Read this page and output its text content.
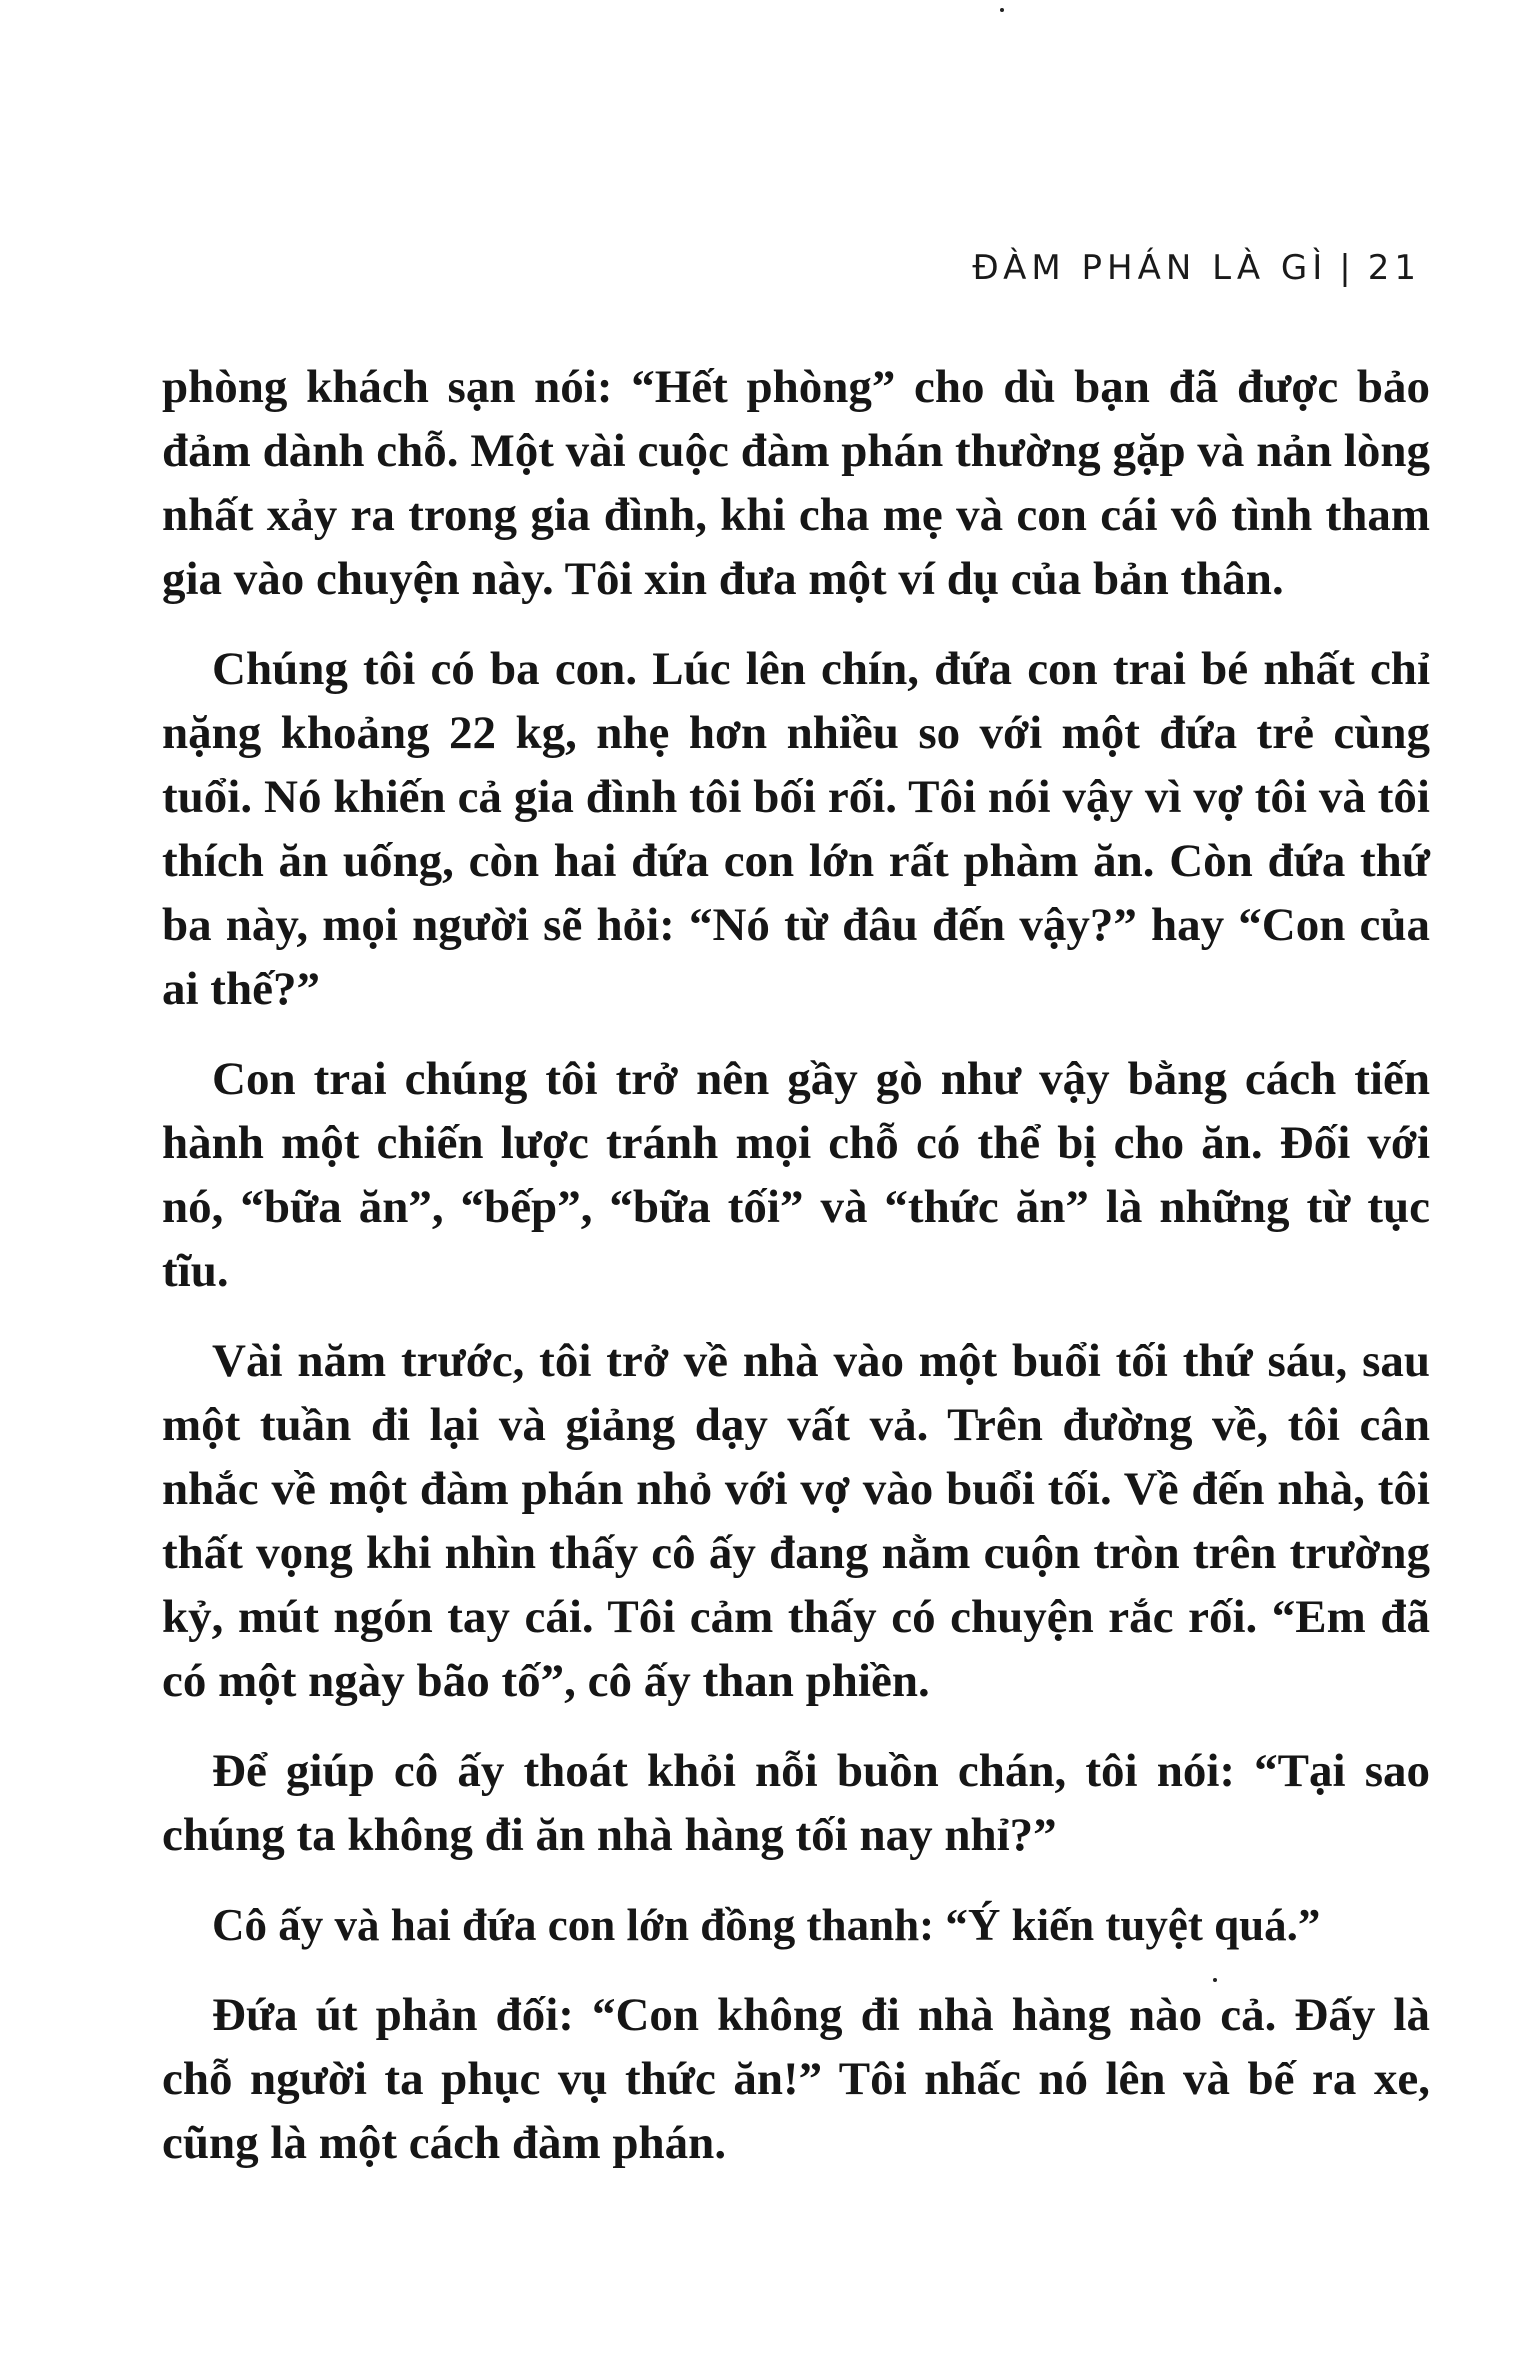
ĐÀM PHÁN LÀ GÌ | 21

phòng khách sạn nói: “Hết phòng” cho dù bạn đã được bảo đảm dành chỗ. Một vài cuộc đàm phán thường gặp và nản lòng nhất xảy ra trong gia đình, khi cha mẹ và con cái vô tình tham gia vào chuyện này. Tôi xin đưa một ví dụ của bản thân.

Chúng tôi có ba con. Lúc lên chín, đứa con trai bé nhất chỉ nặng khoảng 22 kg, nhẹ hơn nhiều so với một đứa trẻ cùng tuổi. Nó khiến cả gia đình tôi bối rối. Tôi nói vậy vì vợ tôi và tôi thích ăn uống, còn hai đứa con lớn rất phàm ăn. Còn đứa thứ ba này, mọi người sẽ hỏi: “Nó từ đâu đến vậy?” hay “Con của ai thế?”

Con trai chúng tôi trở nên gầy gò như vậy bằng cách tiến hành một chiến lược tránh mọi chỗ có thể bị cho ăn. Đối với nó, “bữa ăn”, “bếp”, “bữa tối” và “thức ăn” là những từ tục tĩu.

Vài năm trước, tôi trở về nhà vào một buổi tối thứ sáu, sau một tuần đi lại và giảng dạy vất vả. Trên đường về, tôi cân nhắc về một đàm phán nhỏ với vợ vào buổi tối. Về đến nhà, tôi thất vọng khi nhìn thấy cô ấy đang nằm cuộn tròn trên trường kỷ, mút ngón tay cái. Tôi cảm thấy có chuyện rắc rối. “Em đã có một ngày bão tố”, cô ấy than phiền.

Để giúp cô ấy thoát khỏi nỗi buồn chán, tôi nói: “Tại sao chúng ta không đi ăn nhà hàng tối nay nhỉ?”

Cô ấy và hai đứa con lớn đồng thanh: “Ý kiến tuyệt quá.”

Đứa út phản đối: “Con không đi nhà hàng nào cả. Đấy là chỗ người ta phục vụ thức ăn!” Tôi nhấc nó lên và bế ra xe, cũng là một cách đàm phán.
